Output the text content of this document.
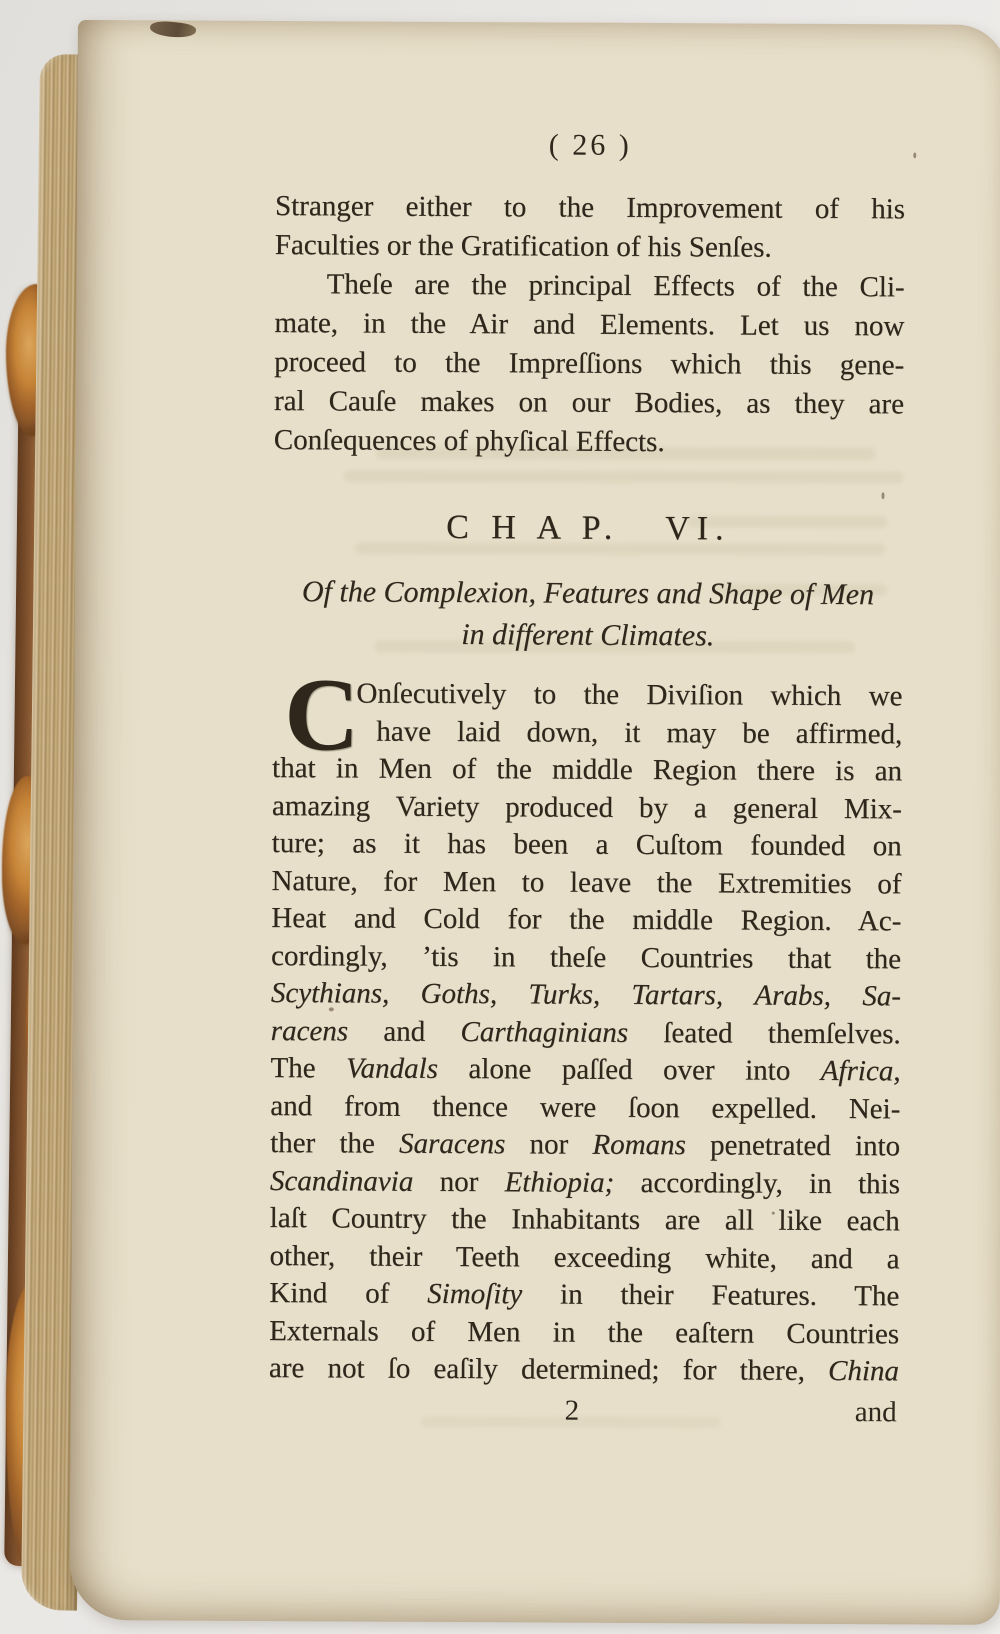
( 26 )
Stranger either to the Improvement of his
Faculties or the Gratification of his Senſes.
Theſe are the principal Effects of the Cli-
mate, in the Air and Elements. Let us now
proceed to the Impreſſions which this gene-
ral Cauſe makes on our Bodies, as they are
Conſequences of phyſical Effects.
C H A P.   VI.
Of the Complexion, Features and Shape of Men
in different Climates.
C
Onſecutively to the Diviſion which we
have laid down, it may be affirmed,
that in Men of the middle Region there is an
amazing Variety produced by a general Mix-
ture; as it has been a Cuſtom founded on
Nature, for Men to leave the Extremities of
Heat and Cold for the middle Region. Ac-
cordingly, ’tis in theſe Countries that the
Scythians, Goths, Turks, Tartars, Arabs, Sa-
racens and Carthaginians ſeated themſelves.
The Vandals alone paſſed over into Africa,
and from thence were ſoon expelled. Nei-
ther the Saracens nor Romans penetrated into
Scandinavia nor Ethiopia; accordingly, in this
laſt Country the Inhabitants are all like each
other, their Teeth exceeding white, and a
Kind of Simoſity in their Features. The
Externals of Men in the eaſtern Countries
are not ſo eaſily determined; for there, China
2	and
